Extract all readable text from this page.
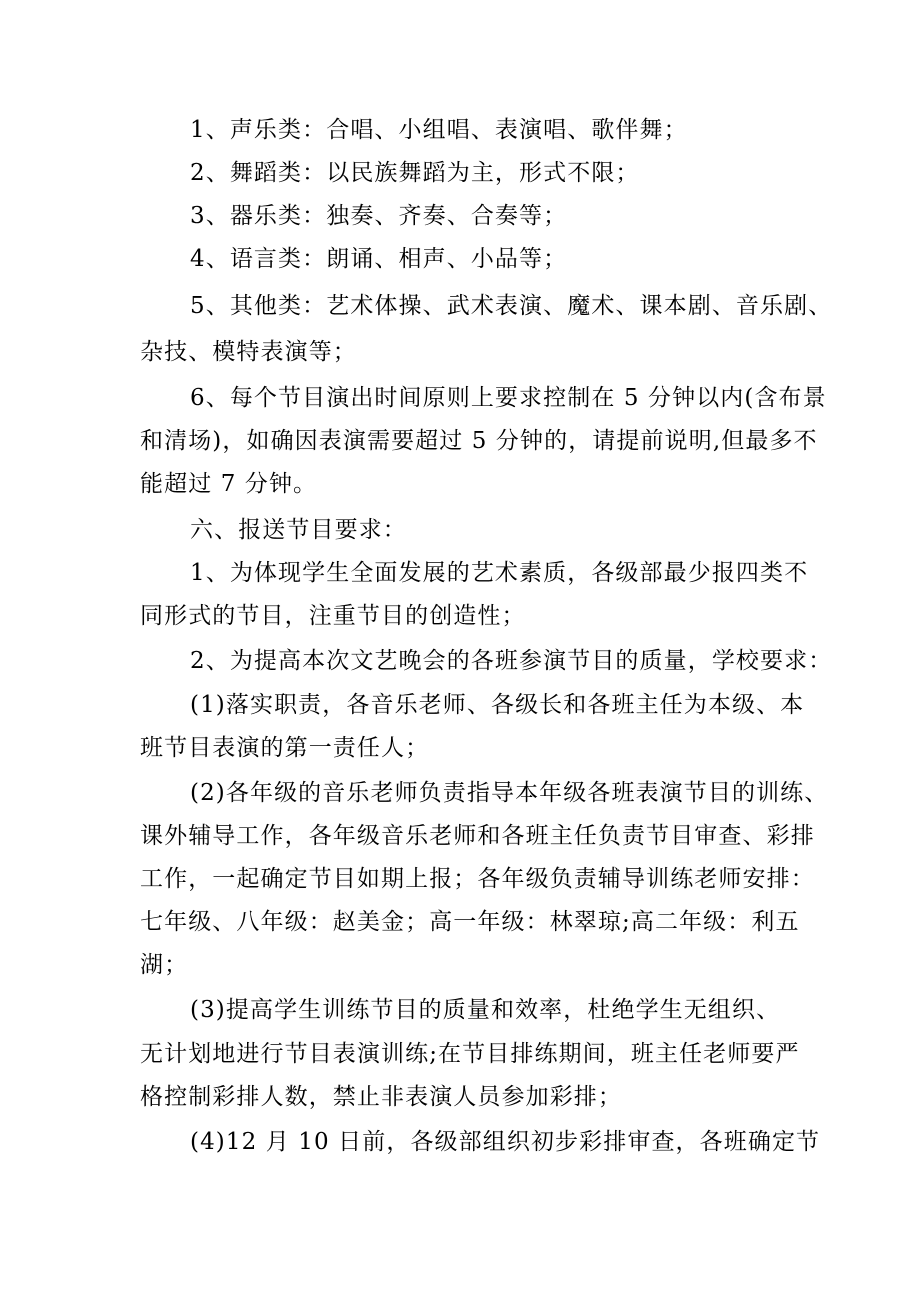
1、声乐类：合唱、小组唱、表演唱、歌伴舞；
2、舞蹈类：以民族舞蹈为主，形式不限；
3、器乐类：独奏、齐奏、合奏等；
4、语言类：朗诵、相声、小品等；
5、其他类：艺术体操、武术表演、魔术、课本剧、音乐剧、
杂技、模特表演等；
6、每个节目演出时间原则上要求控制在 5 分钟以内(含布景
和清场)，如确因表演需要超过 5 分钟的，请提前说明,但最多不
能超过 7 分钟。
六、报送节目要求：
1、为体现学生全面发展的艺术素质，各级部最少报四类不
同形式的节目，注重节目的创造性；
2、为提高本次文艺晚会的各班参演节目的质量，学校要求：
(1)落实职责，各音乐老师、各级长和各班主任为本级、本
班节目表演的第一责任人；
(2)各年级的音乐老师负责指导本年级各班表演节目的训练、
课外辅导工作，各年级音乐老师和各班主任负责节目审查、彩排
工作，一起确定节目如期上报；各年级负责辅导训练老师安排：
七年级、八年级：赵美金；高一年级：林翠琼;高二年级：利五
湖；
(3)提高学生训练节目的质量和效率，杜绝学生无组织、
无计划地进行节目表演训练;在节目排练期间，班主任老师要严
格控制彩排人数，禁止非表演人员参加彩排；
(4)12 月 10 日前，各级部组织初步彩排审查，各班确定节
